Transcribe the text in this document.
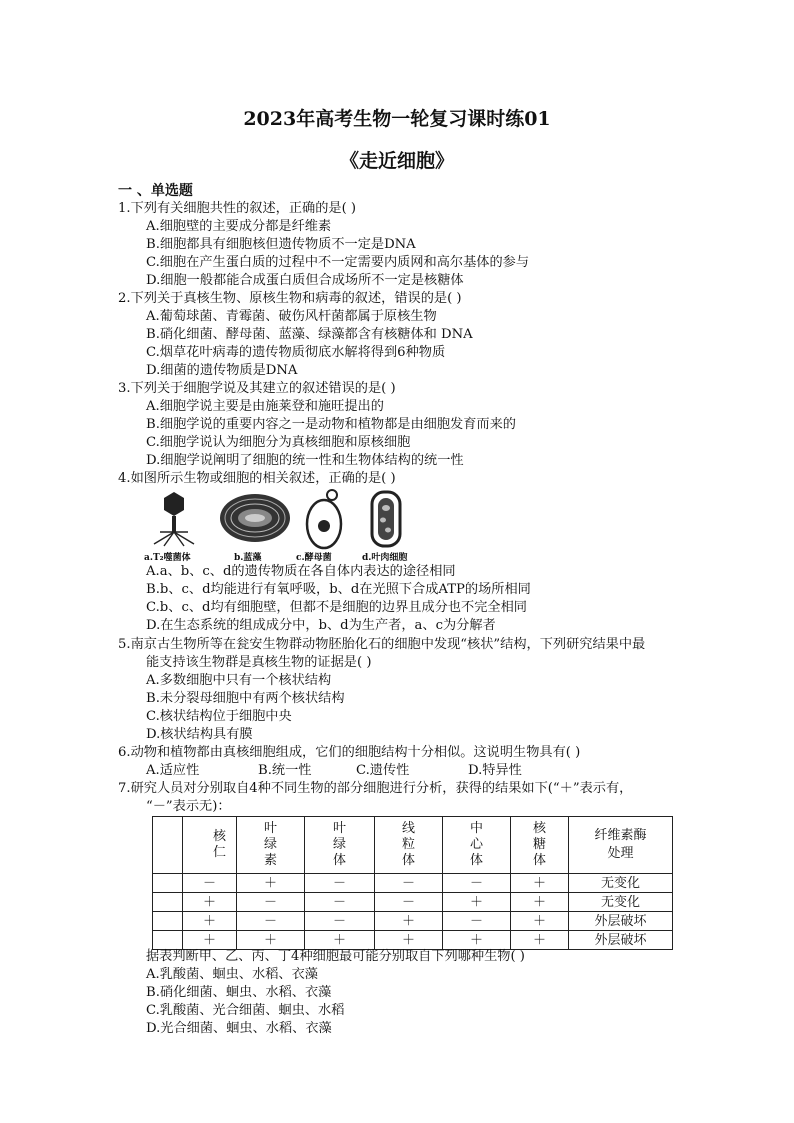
2023年高考生物一轮复习课时练01
《走近细胞》
一 、单选题
1.下列有关细胞共性的叙述，正确的是( )
A.细胞壁的主要成分都是纤维素
B.细胞都具有细胞核但遗传物质不一定是DNA
C.细胞在产生蛋白质的过程中不一定需要内质网和高尔基体的参与
D.细胞一般都能合成蛋白质但合成场所不一定是核糖体
2.下列关于真核生物、原核生物和病毒的叙述，错误的是( )
A.葡萄球菌、青霉菌、破伤风杆菌都属于原核生物
B.硝化细菌、酵母菌、蓝藻、绿藻都含有核糖体和 DNA
C.烟草花叶病毒的遗传物质彻底水解将得到6种物质
D.细菌的遗传物质是DNA
3.下列关于细胞学说及其建立的叙述错误的是( )
A.细胞学说主要是由施莱登和施旺提出的
B.细胞学说的重要内容之一是动物和植物都是由细胞发育而来的
C.细胞学说认为细胞分为真核细胞和原核细胞
D.细胞学说阐明了细胞的统一性和生物体结构的统一性
4.如图所示生物或细胞的相关叙述，正确的是( )
a.T₂噬菌体	b.蓝藻	c.酵母菌	d.叶肉细胞
A.a、b、c、d的遗传物质在各自体内表达的途径相同
B.b、c、d均能进行有氧呼吸，b、d在光照下合成ATP的场所相同
C.b、c、d均有细胞壁，但都不是细胞的边界且成分也不完全相同
D.在生态系统的组成成分中，b、d为生产者，a、c为分解者
5.南京古生物所等在瓮安生物群动物胚胎化石的细胞中发现“核状”结构，下列研究结果中最
能支持该生物群是真核生物的证据是( )
A.多数细胞中只有一个核状结构
B.未分裂母细胞中有两个核状结构
C.核状结构位于细胞中央
D.核状结构具有膜
6.动物和植物都由真核细胞组成，它们的细胞结构十分相似。这说明生物具有( )
A.适应性	B.统一性	C.遗传性	D.特异性
7.研究人员对分别取自4种不同生物的部分细胞进行分析，获得的结果如下(“＋”表示有，
“－”表示无)：
	核仁	叶绿素	叶绿体	线粒体	中心体	核糖体	纤维素酶处理
	－	＋	－	－	－	＋	无变化
	＋	－	－	－	＋	＋	无变化
	＋	－	－	＋	－	＋	外层破坏
	＋	＋	＋	＋	＋	＋	外层破坏
据表判断甲、乙、丙、丁4种细胞最可能分别取自下列哪种生物( )
A.乳酸菌、蛔虫、水稻、衣藻
B.硝化细菌、蛔虫、水稻、衣藻
C.乳酸菌、光合细菌、蛔虫、水稻
D.光合细菌、蛔虫、水稻、衣藻
